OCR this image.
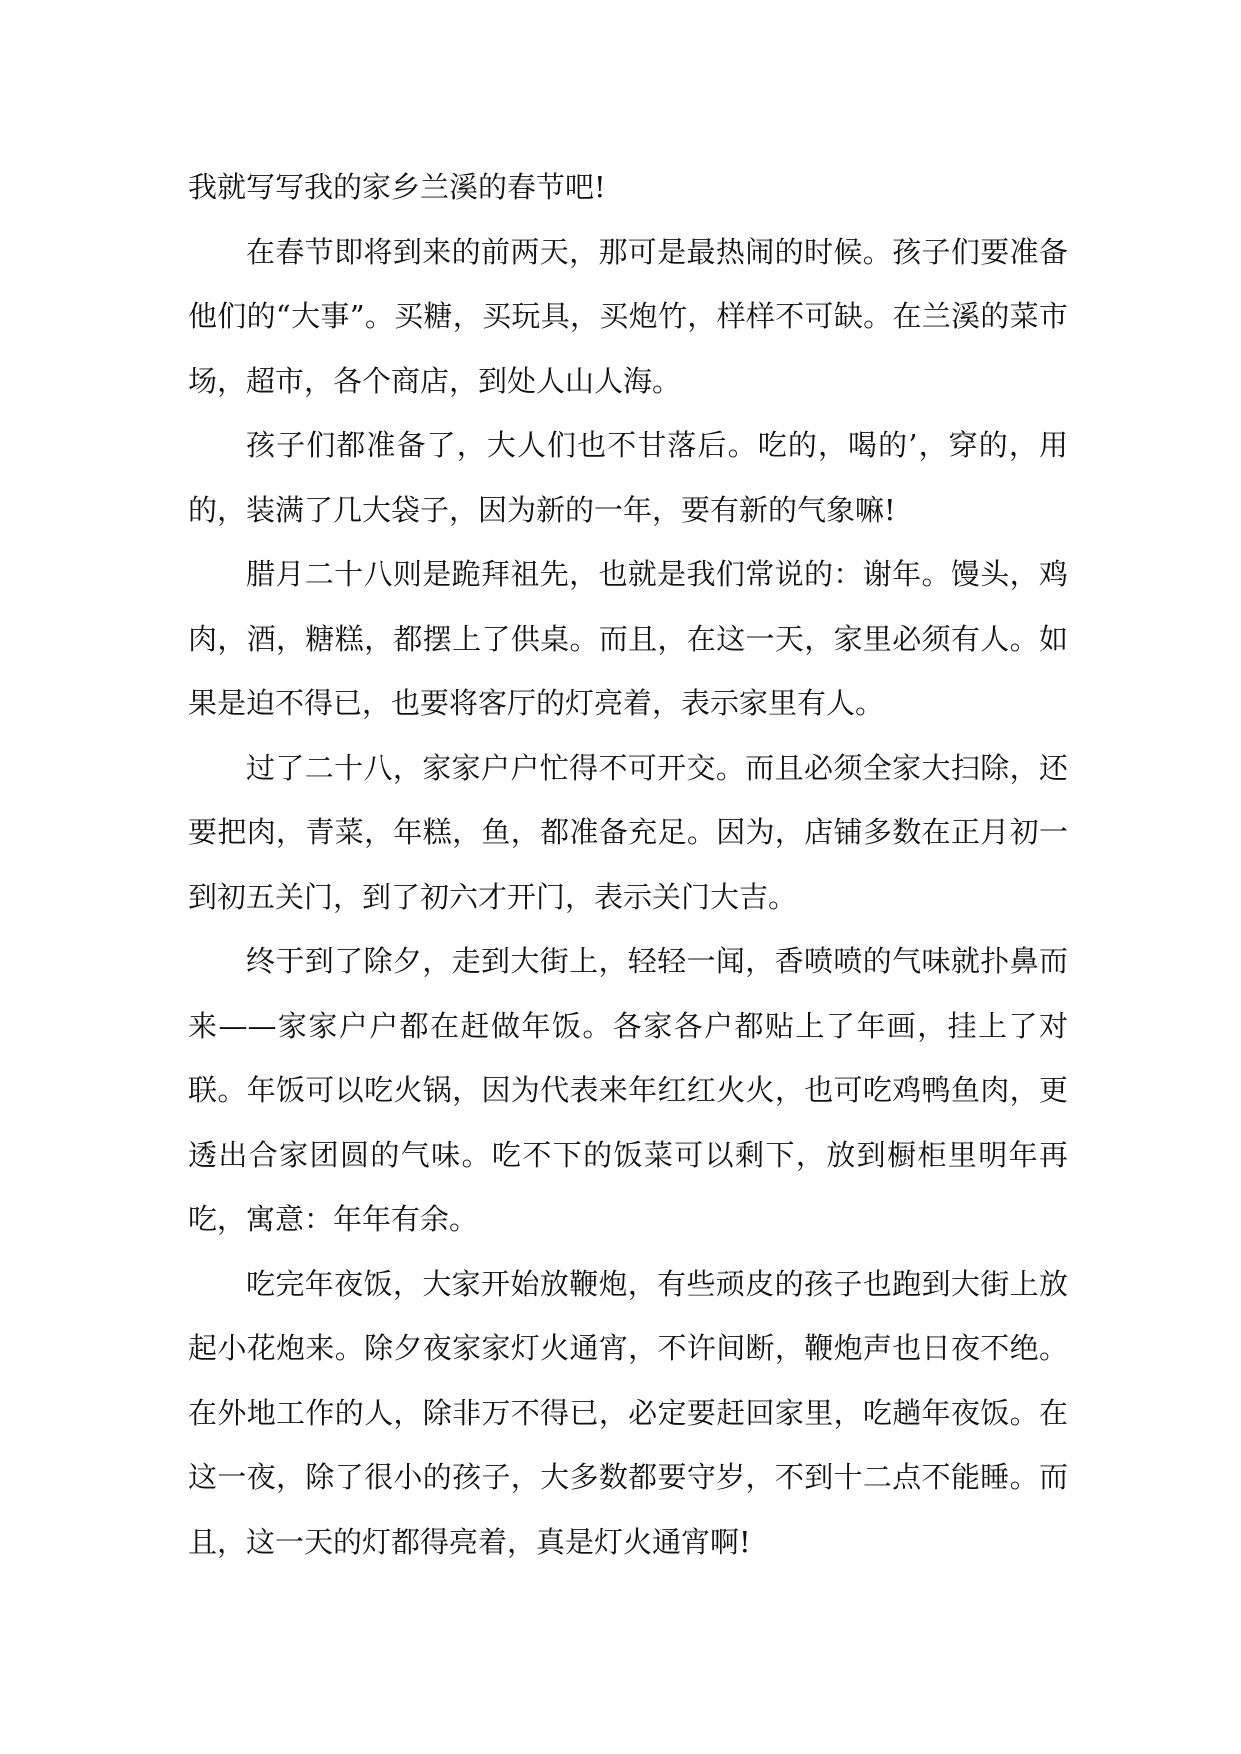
我就写写我的家乡兰溪的春节吧!

在春节即将到来的前两天，那可是最热闹的时候。孩子们要准备他们的“大事”。买糖，买玩具，买炮竹，样样不可缺。在兰溪的菜市场，超市，各个商店，到处人山人海。

孩子们都准备了，大人们也不甘落后。吃的，喝的’，穿的，用的，装满了几大袋子，因为新的一年，要有新的气象嘛!

腊月二十八则是跪拜祖先，也就是我们常说的：谢年。馒头，鸡肉，酒，糖糕，都摆上了供桌。而且，在这一天，家里必须有人。如果是迫不得已，也要将客厅的灯亮着，表示家里有人。

过了二十八，家家户户忙得不可开交。而且必须全家大扫除，还要把肉，青菜，年糕，鱼，都准备充足。因为，店铺多数在正月初一到初五关门，到了初六才开门，表示关门大吉。

终于到了除夕，走到大街上，轻轻一闻，香喷喷的气味就扑鼻而来——家家户户都在赶做年饭。各家各户都贴上了年画，挂上了对联。年饭可以吃火锅，因为代表来年红红火火，也可吃鸡鸭鱼肉，更透出合家团圆的气味。吃不下的饭菜可以剩下，放到橱柜里明年再吃，寓意：年年有余。

吃完年夜饭，大家开始放鞭炮，有些顽皮的孩子也跑到大街上放起小花炮来。除夕夜家家灯火通宵，不许间断，鞭炮声也日夜不绝。在外地工作的人，除非万不得已，必定要赶回家里，吃趟年夜饭。在这一夜，除了很小的孩子，大多数都要守岁，不到十二点不能睡。而且，这一天的灯都得亮着，真是灯火通宵啊!
